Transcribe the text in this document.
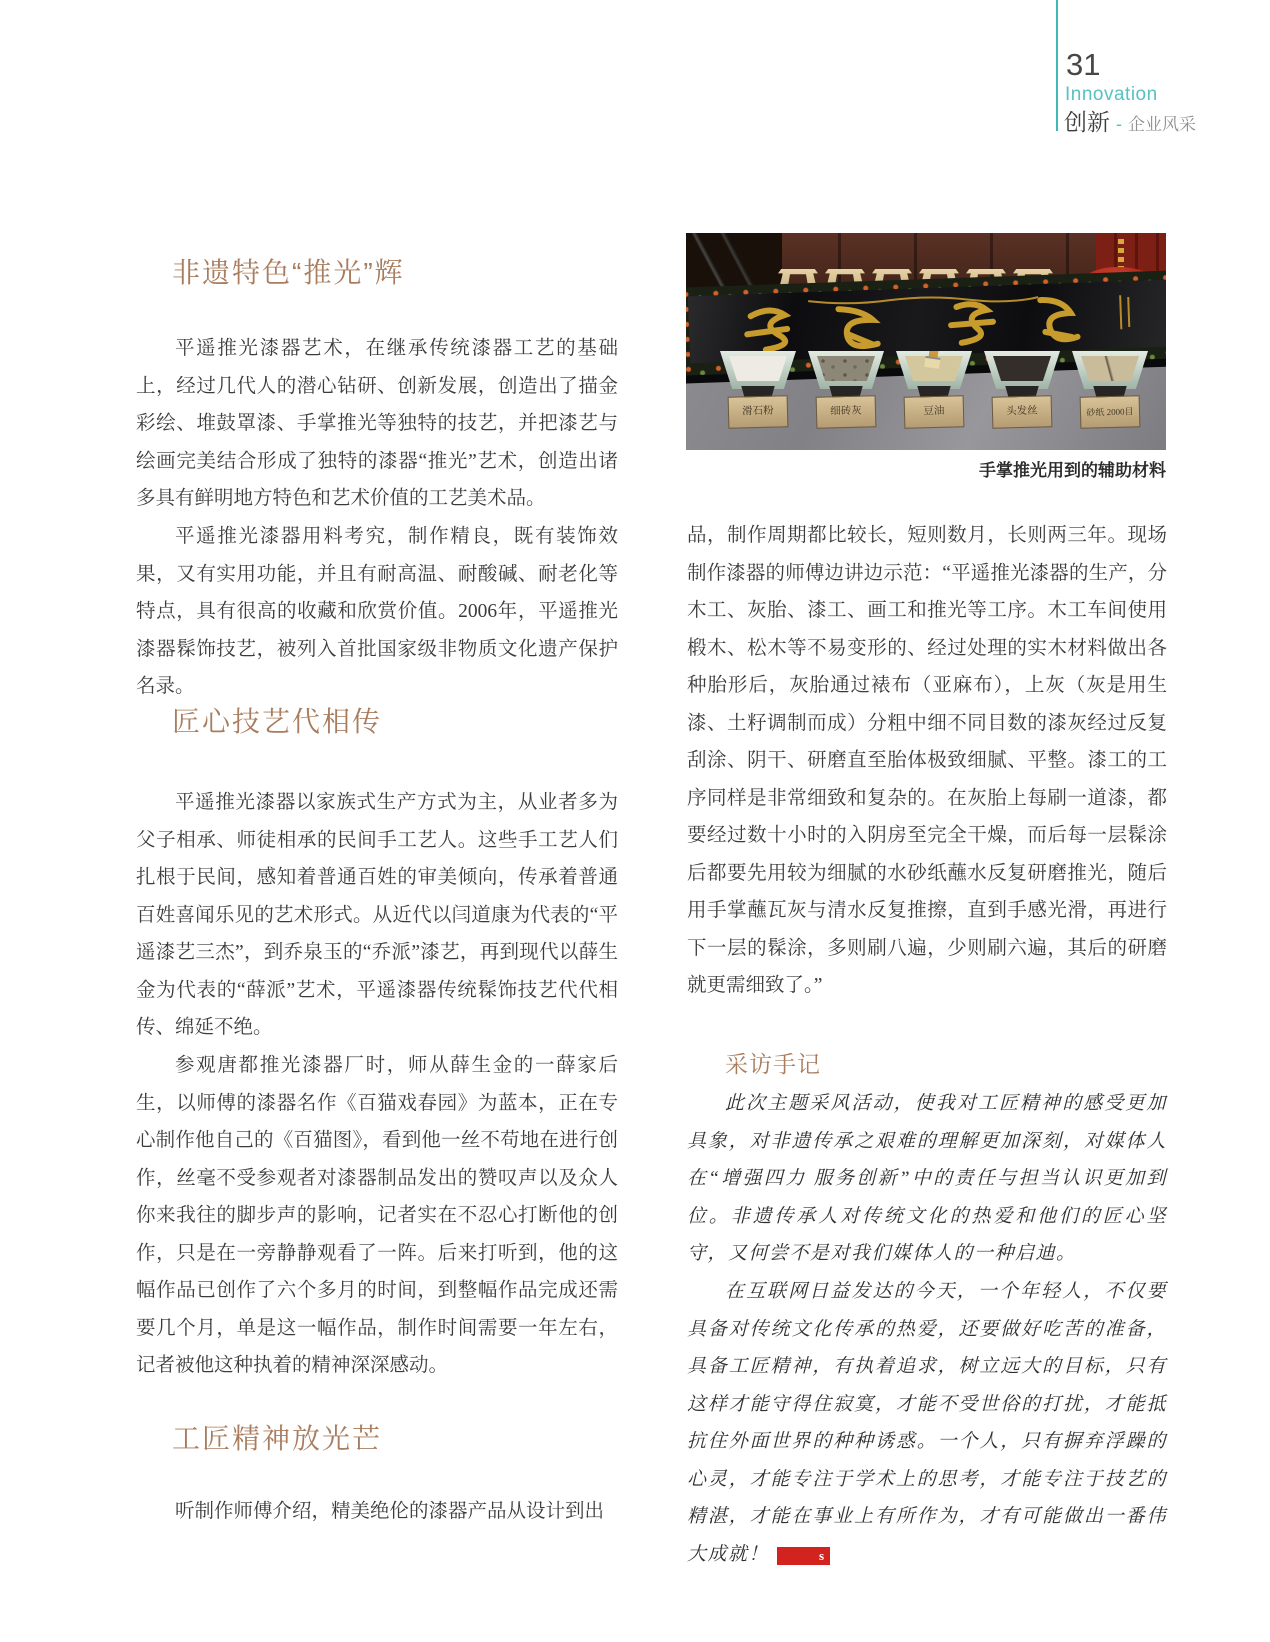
31
Innovation
创新 - 企业风采
非遗特色“推光”辉

平遥推光漆器艺术，在继承传统漆器工艺的基础上，经过几代人的潜心钻研、创新发展，创造出了描金彩绘、堆鼓罩漆、手掌推光等独特的技艺，并把漆艺与绘画完美结合形成了独特的漆器“推光”艺术，创造出诸多具有鲜明地方特色和艺术价值的工艺美术品。

平遥推光漆器用料考究，制作精良，既有装饰效果，又有实用功能，并且有耐高温、耐酸碱、耐老化等特点，具有很高的收藏和欣赏价值。2006年，平遥推光漆器髹饰技艺，被列入首批国家级非物质文化遗产保护名录。

匠心技艺代相传

平遥推光漆器以家族式生产方式为主，从业者多为父子相承、师徒相承的民间手工艺人。这些手工艺人们扎根于民间，感知着普通百姓的审美倾向，传承着普通百姓喜闻乐见的艺术形式。从近代以闫道康为代表的“平遥漆艺三杰”，到乔泉玉的“乔派”漆艺，再到现代以薛生金为代表的“薛派”艺术，平遥漆器传统髹饰技艺代代相传、绵延不绝。

参观唐都推光漆器厂时，师从薛生金的一薛家后生，以师傅的漆器名作《百猫戏春园》为蓝本，正在专心制作他自己的《百猫图》，看到他一丝不苟地在进行创作，丝毫不受参观者对漆器制品发出的赞叹声以及众人你来我往的脚步声的影响，记者实在不忍心打断他的创作，只是在一旁静静观看了一阵。后来打听到，他的这幅作品已创作了六个多月的时间，到整幅作品完成还需要几个月，单是这一幅作品，制作时间需要一年左右，记者被他这种执着的精神深深感动。

工匠精神放光芒

听制作师傅介绍，精美绝伦的漆器产品从设计到出

滑石粉	细砖灰	豆油	头发丝	砂纸 2000目
手掌推光用到的辅助材料

品，制作周期都比较长，短则数月，长则两三年。现场制作漆器的师傅边讲边示范：“平遥推光漆器的生产，分木工、灰胎、漆工、画工和推光等工序。木工车间使用椴木、松木等不易变形的、经过处理的实木材料做出各种胎形后，灰胎通过裱布（亚麻布），上灰（灰是用生漆、土籽调制而成）分粗中细不同目数的漆灰经过反复刮涂、阴干、研磨直至胎体极致细腻、平整。漆工的工序同样是非常细致和复杂的。在灰胎上每刷一道漆，都要经过数十小时的入阴房至完全干燥，而后每一层髹涂后都要先用较为细腻的水砂纸蘸水反复研磨推光，随后用手掌蘸瓦灰与清水反复推擦，直到手感光滑，再进行下一层的髹涂，多则刷八遍，少则刷六遍，其后的研磨就更需细致了。”

采访手记

此次主题采风活动，使我对工匠精神的感受更加具象，对非遗传承之艰难的理解更加深刻，对媒体人在“增强四力 服务创新”中的责任与担当认识更加到位。非遗传承人对传统文化的热爱和他们的匠心坚守，又何尝不是对我们媒体人的一种启迪。

在互联网日益发达的今天，一个年轻人，不仅要具备对传统文化传承的热爱，还要做好吃苦的准备，具备工匠精神，有执着追求，树立远大的目标，只有这样才能守得住寂寞，才能不受世俗的打扰，才能抵抗住外面世界的种种诱惑。一个人，只有摒弃浮躁的心灵，才能专注于学术上的思考，才能专注于技艺的精湛，才能在事业上有所作为，才有可能做出一番伟大成就！	s
